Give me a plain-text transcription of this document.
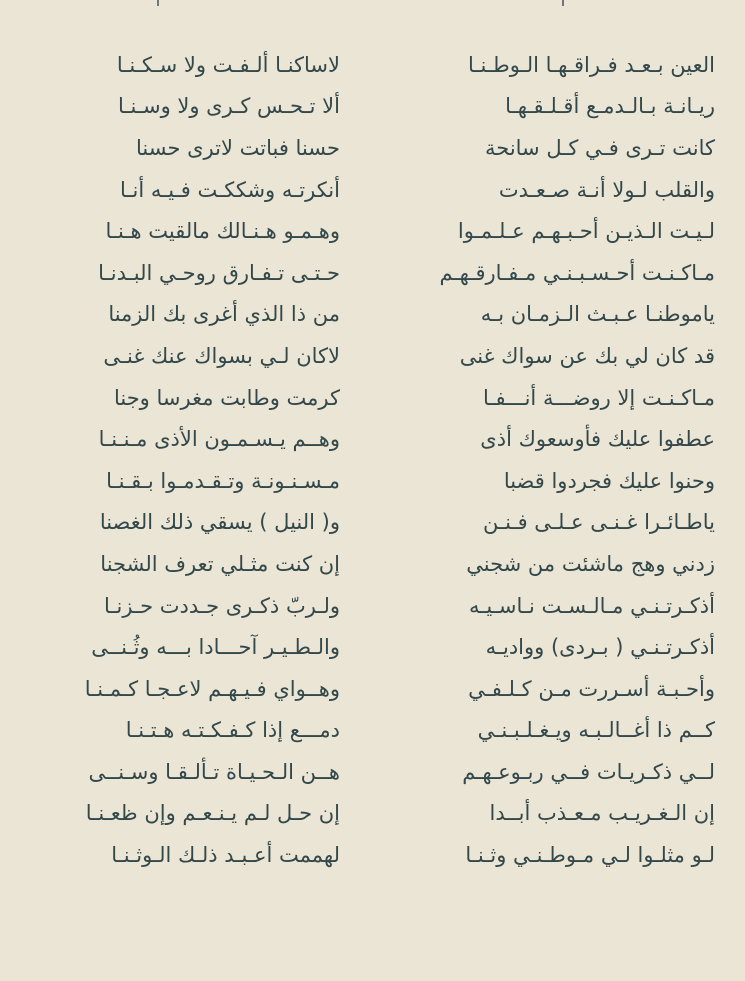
لاساكنـا ألـفـت ولا سـكـنـا	العين بـعـد فـراقـهـا الـوطـنـا
ألا تـحـس كـرى ولا وسـنـا	ريـانـة بـالـدمـع أقـلـقـهـا
حسنا فباتت لاترى حسنا	كانت تـرى فـي كـل سانحة
أنكرتـه وشككـت فـيـه أنـا	والقلب لـولا أنـة صـعـدت
وهـمـو هـنـالك مالقيت هـنـا	لـيـت الـذيـن أحـبـهـم عـلـمـوا
حـتـى تـفـارق روحـي البـدنـا	مـاكـنـت أحـسـبـنـي مـفـارقـهـم
من ذا الذي أغرى بك الزمنا	ياموطنـا عـبـث الـزمـان بـه
لاكان لـي بسواك عنك غنـى	قد كان لي بك عن سواك غنى
كرمت وطابت مغرسا وجنا	مـاكـنـت إلا روضـــة أنـــفـا
وهــم يـسـمـون الأذى مـنـنـا	عطفوا عليك فأوسعوك أذى
مـسـنـونـة وتـقـدمـوا بـقـنـا	وحنوا عليك فجردوا قضبا
و( النيل ) يسقي ذلك الغصنا	ياطـائـرا غـنـى عـلـى فـنـن
إن كنت مثـلي تعرف الشجنا	زدني وهج ماشئت من شجني
ولـربّ ذكـرى جـددت حـزنـا	أذكـرتـنـي مـالـسـت نـاسـيـه
والـطـيـر آحـــادا بـــه وثُـنــى	أذكـرتـنـي ( بـردى) وواديـه
وهــواي فـيـهـم لاعـجـا كـمـنـا	وأحـبـة أسـررت مـن كـلـفـي
دمـــع إذا كـفـكـتـه هـتـنـا	كــم ذا أغــالـبـه ويـغـلـبـنـي
هــن الـحـيـاة تـألـقـا وسـنــى	لــي ذكـريـات فــي ربـوعـهـم
إن حـل لـم يـنـعـم وإن ظعـنـا	إن الـغـريـب مـعـذب أبــدا
لهممت أعـبـد ذلـك الـوثـنـا	لـو مثلـوا لـي مـوطـنـي وثـنـا
